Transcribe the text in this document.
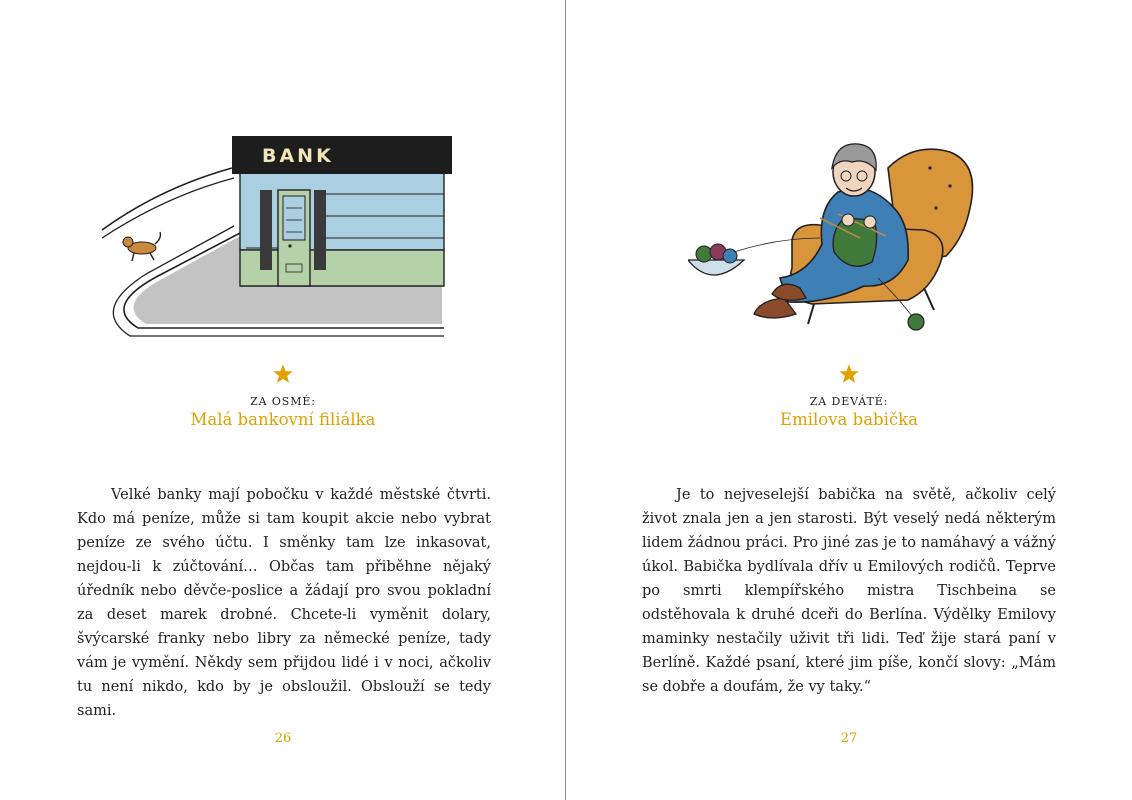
BANK
ZA OSMÉ:
Malá bankovní filiálka

Velké banky mají pobočku v každé městské čtvrti. Kdo má peníze, může si tam koupit akcie nebo vybrat peníze ze svého účtu. I směnky tam lze inkasovat, nejdou-li k zúčtování… Občas tam přiběhne nějaký úředník nebo děvče-poslice a žádají pro svou pokladní za deset marek drobné. Chcete-li vyměnit dolary, švýcarské franky nebo libry za německé peníze, tady vám je vymění. Někdy sem přijdou lidé i v noci, ačkoliv tu není nikdo, kdo by je obsloužil. Obslouží se tedy sami.

26
ZA DEVÁTÉ:
Emilova babička

Je to nejveselejší babička na světě, ačkoliv celý život znala jen a jen starosti. Být veselý nedá některým lidem žádnou práci. Pro jiné zas je to namáhavý a vážný úkol. Babička bydlívala dřív u Emilových rodičů. Teprve po smrti klempířského mistra Tischbeina se odstěhovala k druhé dceři do Berlína. Výdělky Emilovy maminky nestačily uživit tři lidi. Teď žije stará paní v Berlíně. Každé psaní, které jim píše, končí slovy: „Mám se dobře a doufám, že vy taky.“

27
